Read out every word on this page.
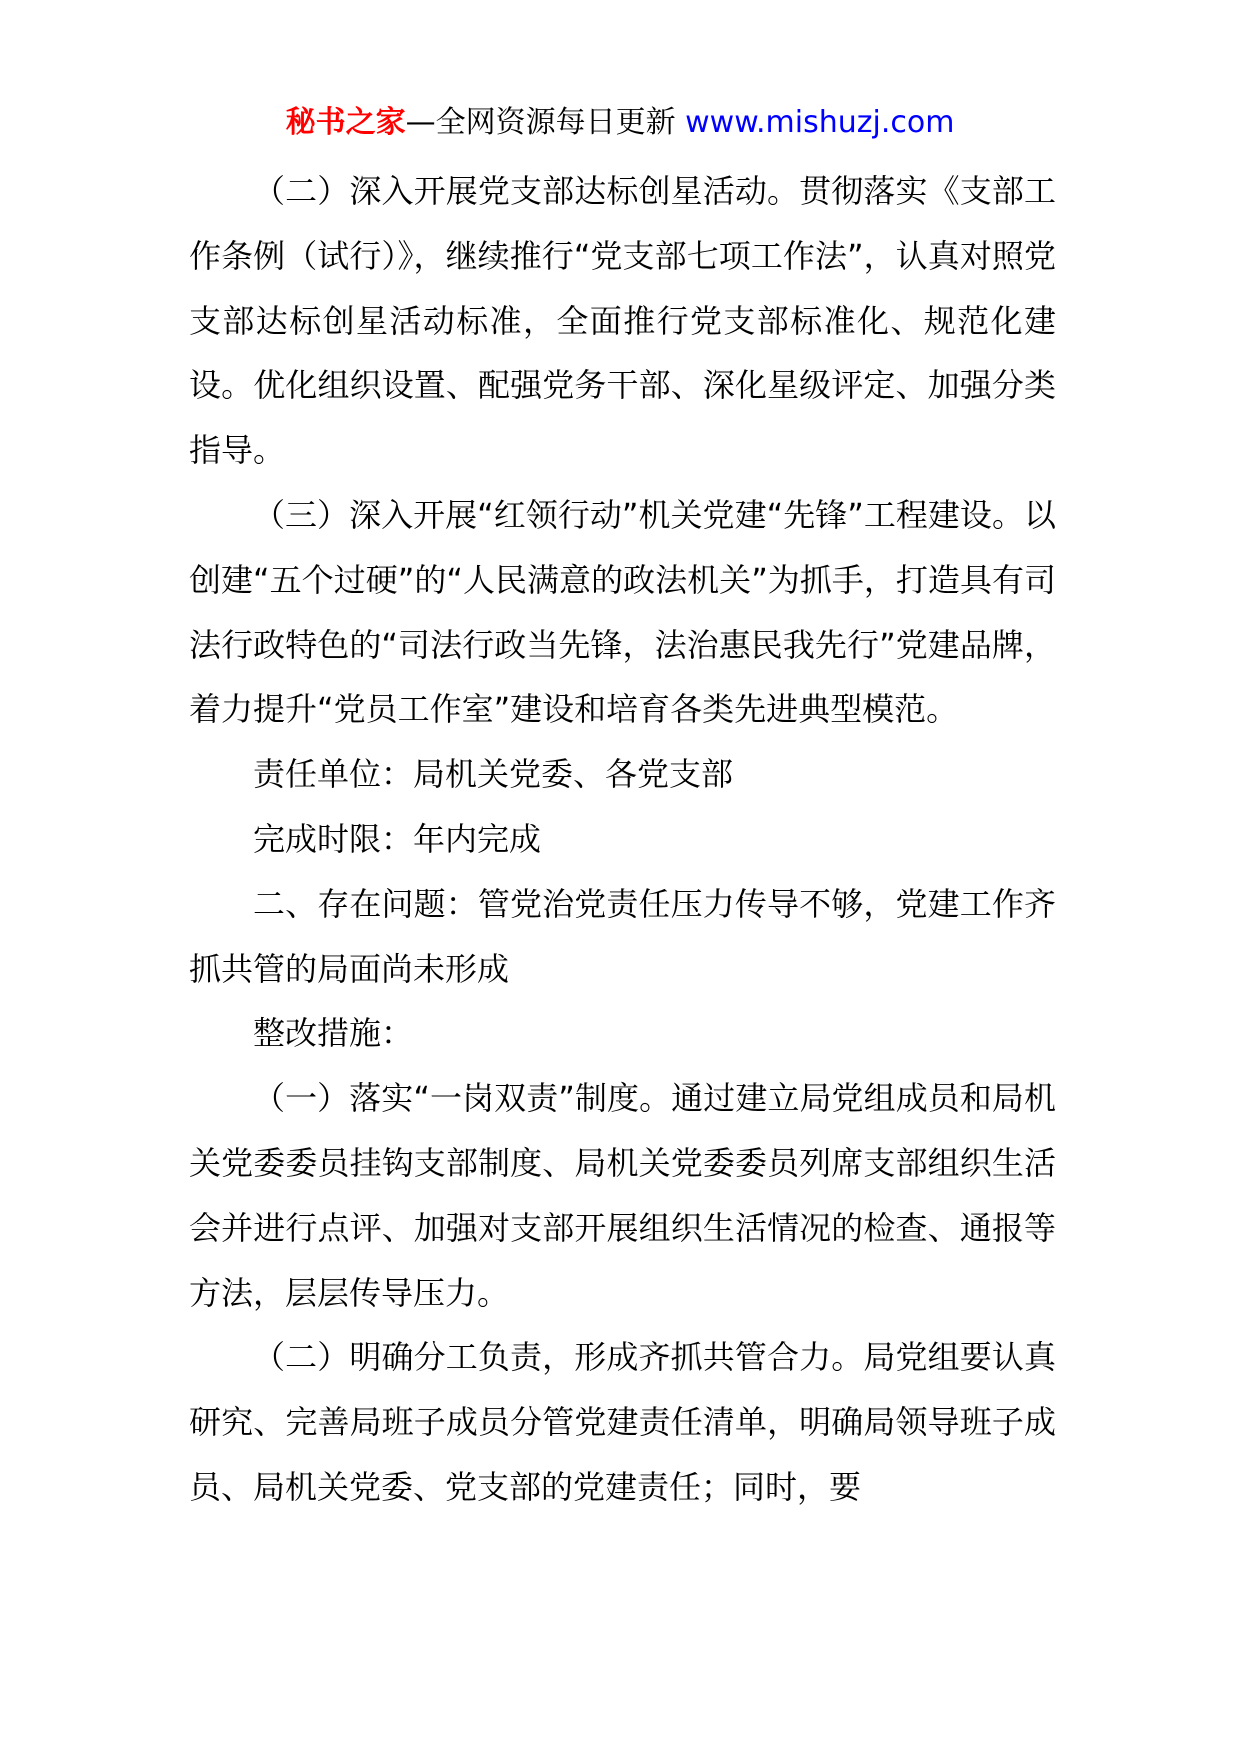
秘书之家—全网资源每日更新 www.mishuzj.com

（二）深入开展党支部达标创星活动。贯彻落实《支部工作条例（试行）》，继续推行“党支部七项工作法”，认真对照党支部达标创星活动标准，全面推行党支部标准化、规范化建设。优化组织设置、配强党务干部、深化星级评定、加强分类指导。

（三）深入开展“红领行动”机关党建“先锋”工程建设。以创建“五个过硬”的“人民满意的政法机关”为抓手，打造具有司法行政特色的“司法行政当先锋，法治惠民我先行”党建品牌，着力提升“党员工作室”建设和培育各类先进典型模范。

责任单位：局机关党委、各党支部

完成时限：年内完成

二、存在问题：管党治党责任压力传导不够，党建工作齐抓共管的局面尚未形成

整改措施：

（一）落实“一岗双责”制度。通过建立局党组成员和局机关党委委员挂钩支部制度、局机关党委委员列席支部组织生活会并进行点评、加强对支部开展组织生活情况的检查、通报等方法，层层传导压力。

（二）明确分工负责，形成齐抓共管合力。局党组要认真研究、完善局班子成员分管党建责任清单，明确局领导班子成员、局机关党委、党支部的党建责任；同时，要
